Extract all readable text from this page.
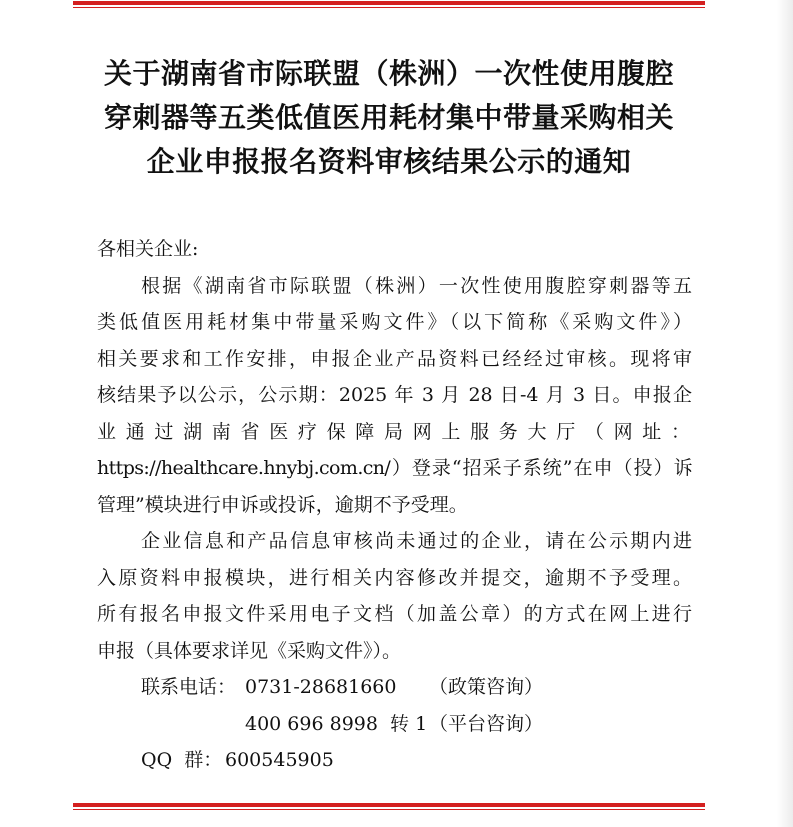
关于湖南省市际联盟（株洲）一次性使用腹腔
穿刺器等五类低值医用耗材集中带量采购相关
企业申报报名资料审核结果公示的通知
各相关企业:
根据《湖南省市际联盟（株洲）一次性使用腹腔穿刺器等五
类低值医用耗材集中带量采购文件》（以下简称《采购文件》）
相关要求和工作安排，申报企业产品资料已经经过审核。现将审
核结果予以公示，公示期：2025 年 3 月 28 日-4 月 3 日。申报企
业通过湖南省医疗保障局网上服务大厅（网址：
https://healthcare.hnybj.com.cn/）登录“招采子系统”在申（投）诉
管理”模块进行申诉或投诉，逾期不予受理。
企业信息和产品信息审核尚未通过的企业，请在公示期内进
入原资料申报模块，进行相关内容修改并提交，逾期不予受理。
所有报名申报文件采用电子文档（加盖公章）的方式在网上进行
申报（具体要求详见《采购文件》）。
联系电话： 0731-28681660 （政策咨询）
400 696 8998  转 1 （平台咨询）
QQ  群： 600545905
